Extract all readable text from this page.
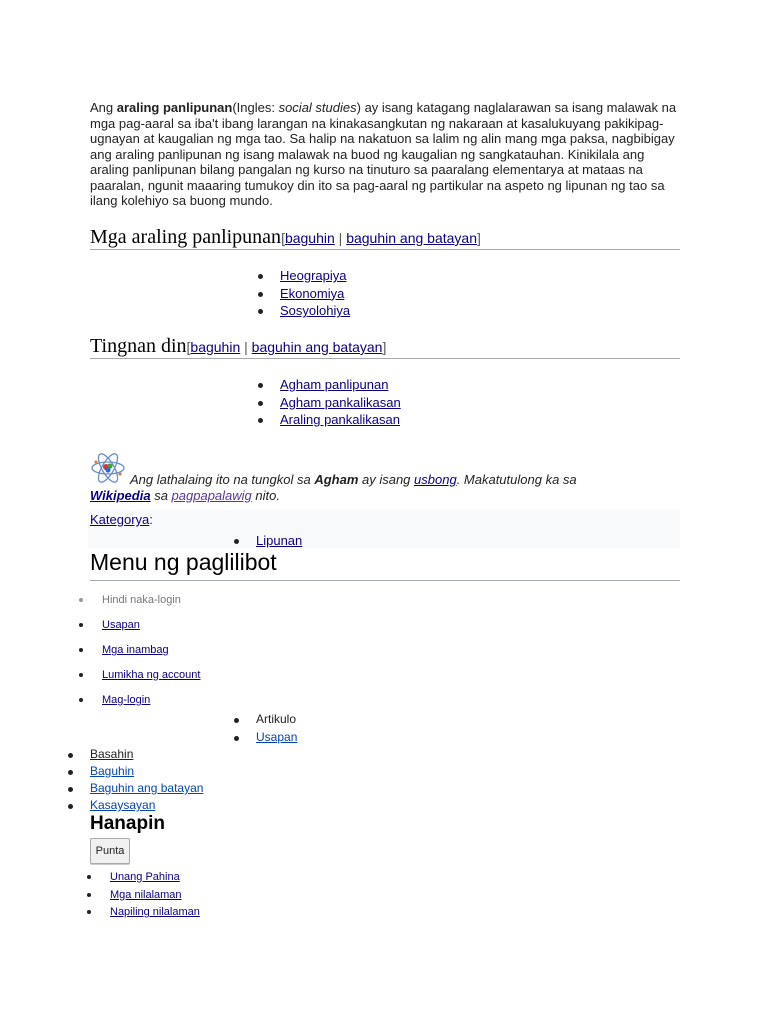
Ang araling panlipunan(Ingles: social studies) ay isang katagang naglalarawan sa isang malawak na mga pag-aaral sa iba't ibang larangan na kinakasangkutan ng nakaraan at kasalukuyang pakikipag-ugnayan at kaugalian ng mga tao. Sa halip na nakatuon sa lalim ng alin mang mga paksa, nagbibigay ang araling panlipunan ng isang malawak na buod ng kaugalian ng sangkatauhan. Kinikilala ang araling panlipunan bilang pangalan ng kurso na tinuturo sa paaralang elementarya at mataas na paaralan, ngunit maaaring tumukoy din ito sa pag-aaral ng partikular na aspeto ng lipunan ng tao sa ilang kolehiyo sa buong mundo.
Mga araling panlipunan[baguhin | baguhin ang batayan]
Heograpiya
Ekonomiya
Sosyolohiya
Tingnan din[baguhin | baguhin ang batayan]
Agham panlipunan
Agham pankalikasan
Araling pankalikasan
Ang lathalaing ito na tungkol sa Agham ay isang usbong. Makatutulong ka sa
Wikipedia sa pagpapalawig nito.
Kategorya:
Lipunan
Menu ng paglilibot
Hindi naka-login
Usapan
Mga inambag
Lumikha ng account
Mag-login
Artikulo
Usapan
Basahin
Baguhin
Baguhin ang batayan
Kasaysayan
Hanapin
Punta
Unang Pahina
Mga nilalaman
Napiling nilalaman
